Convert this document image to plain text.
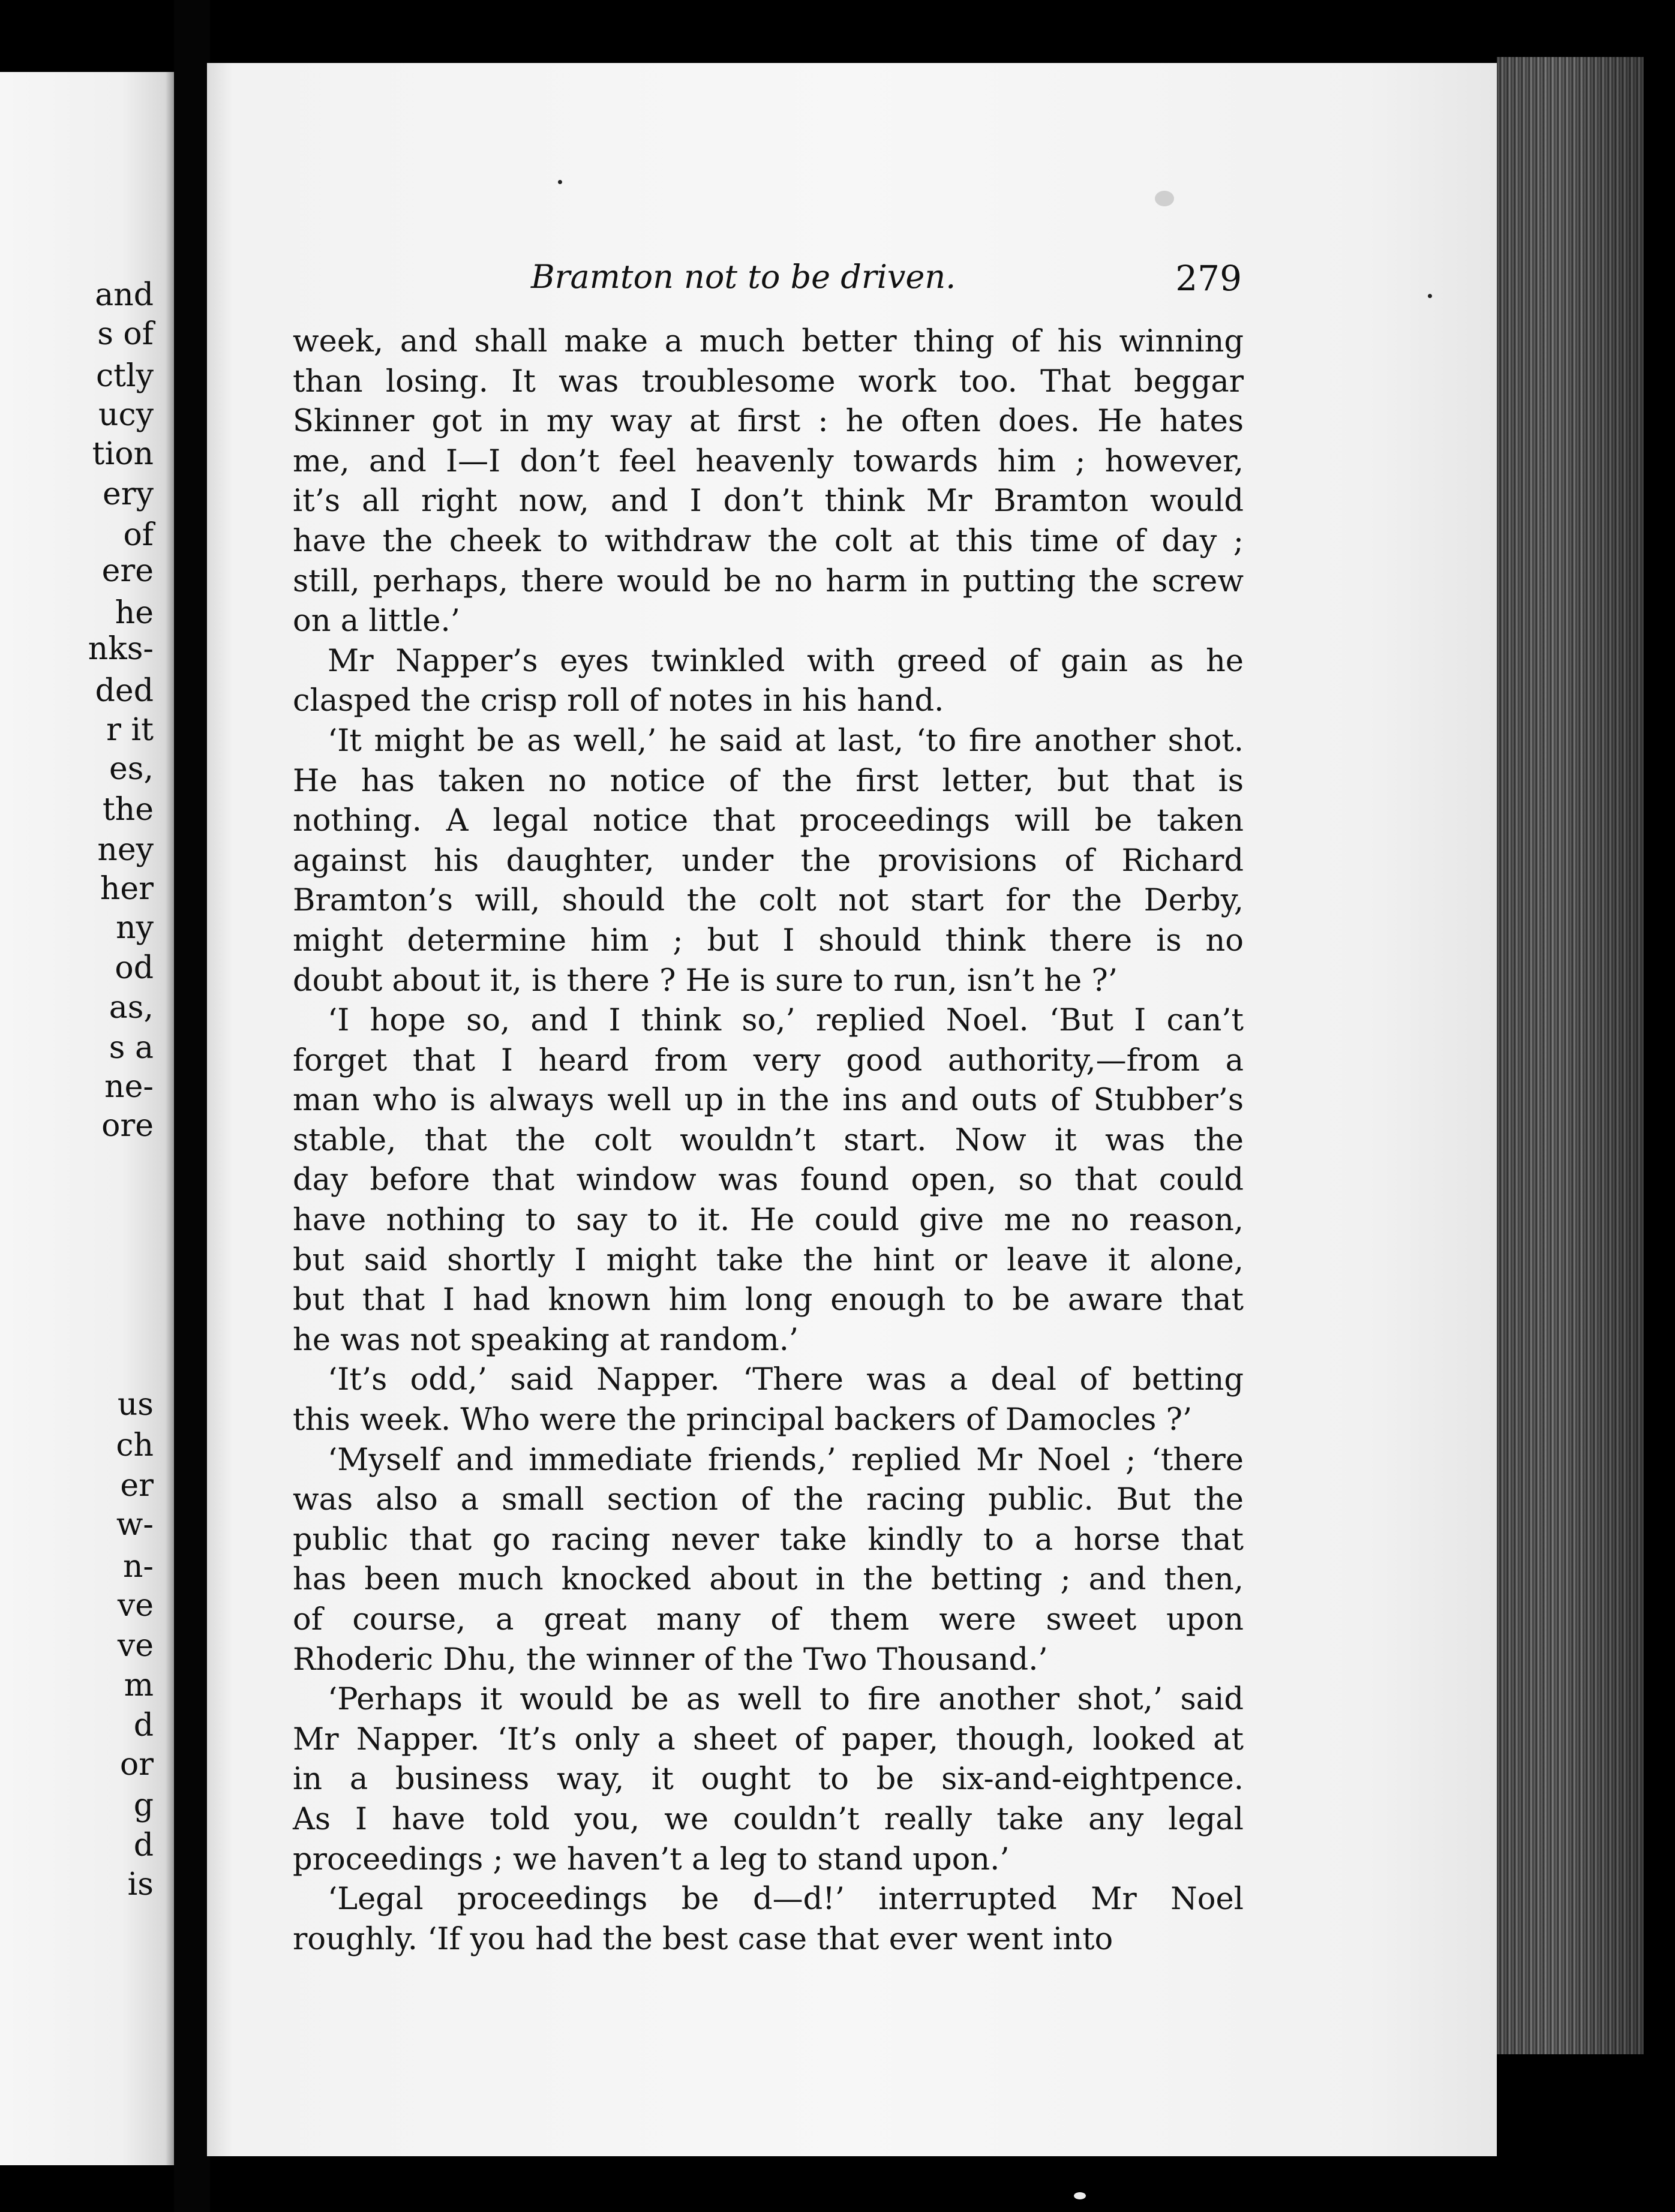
and
s of
ctly
ucy
tion
ery
of
ere
he
nks-
ded
r it
es,
the
ney
her
ny
od
as,
s a
ne-
ore
us
ch
er
w-
n-
ve
ve
m
d
or
g
d
is
Bramton not to be driven.	279
week, and shall make a much better thing of his winning
than losing. It was troublesome work too. That beggar
Skinner got in my way at first : he often does. He hates
me, and I—I don’t feel heavenly towards him ; however,
it’s all right now, and I don’t think Mr Bramton would
have the cheek to withdraw the colt at this time of day ;
still, perhaps, there would be no harm in putting the screw
on a little.’
Mr Napper’s eyes twinkled with greed of gain as he
clasped the crisp roll of notes in his hand.
‘It might be as well,’ he said at last, ‘to fire another shot.
He has taken no notice of the first letter, but that is
nothing. A legal notice that proceedings will be taken
against his daughter, under the provisions of Richard
Bramton’s will, should the colt not start for the Derby,
might determine him ; but I should think there is no
doubt about it, is there ? He is sure to run, isn’t he ?’
‘I hope so, and I think so,’ replied Noel. ‘But I can’t
forget that I heard from very good authority,—from a
man who is always well up in the ins and outs of Stubber’s
stable, that the colt wouldn’t start. Now it was the
day before that window was found open, so that could
have nothing to say to it. He could give me no reason,
but said shortly I might take the hint or leave it alone,
but that I had known him long enough to be aware that
he was not speaking at random.’
‘It’s odd,’ said Napper. ‘There was a deal of betting
this week. Who were the principal backers of Damocles ?’
‘Myself and immediate friends,’ replied Mr Noel ; ‘there
was also a small section of the racing public. But the
public that go racing never take kindly to a horse that
has been much knocked about in the betting ; and then,
of course, a great many of them were sweet upon
Rhoderic Dhu, the winner of the Two Thousand.’
‘Perhaps it would be as well to fire another shot,’ said
Mr Napper. ‘It’s only a sheet of paper, though, looked at
in a business way, it ought to be six-and-eightpence.
As I have told you, we couldn’t really take any legal
proceedings ; we haven’t a leg to stand upon.’
‘Legal proceedings be d—d!’ interrupted Mr Noel
roughly. ‘If you had the best case that ever went into
